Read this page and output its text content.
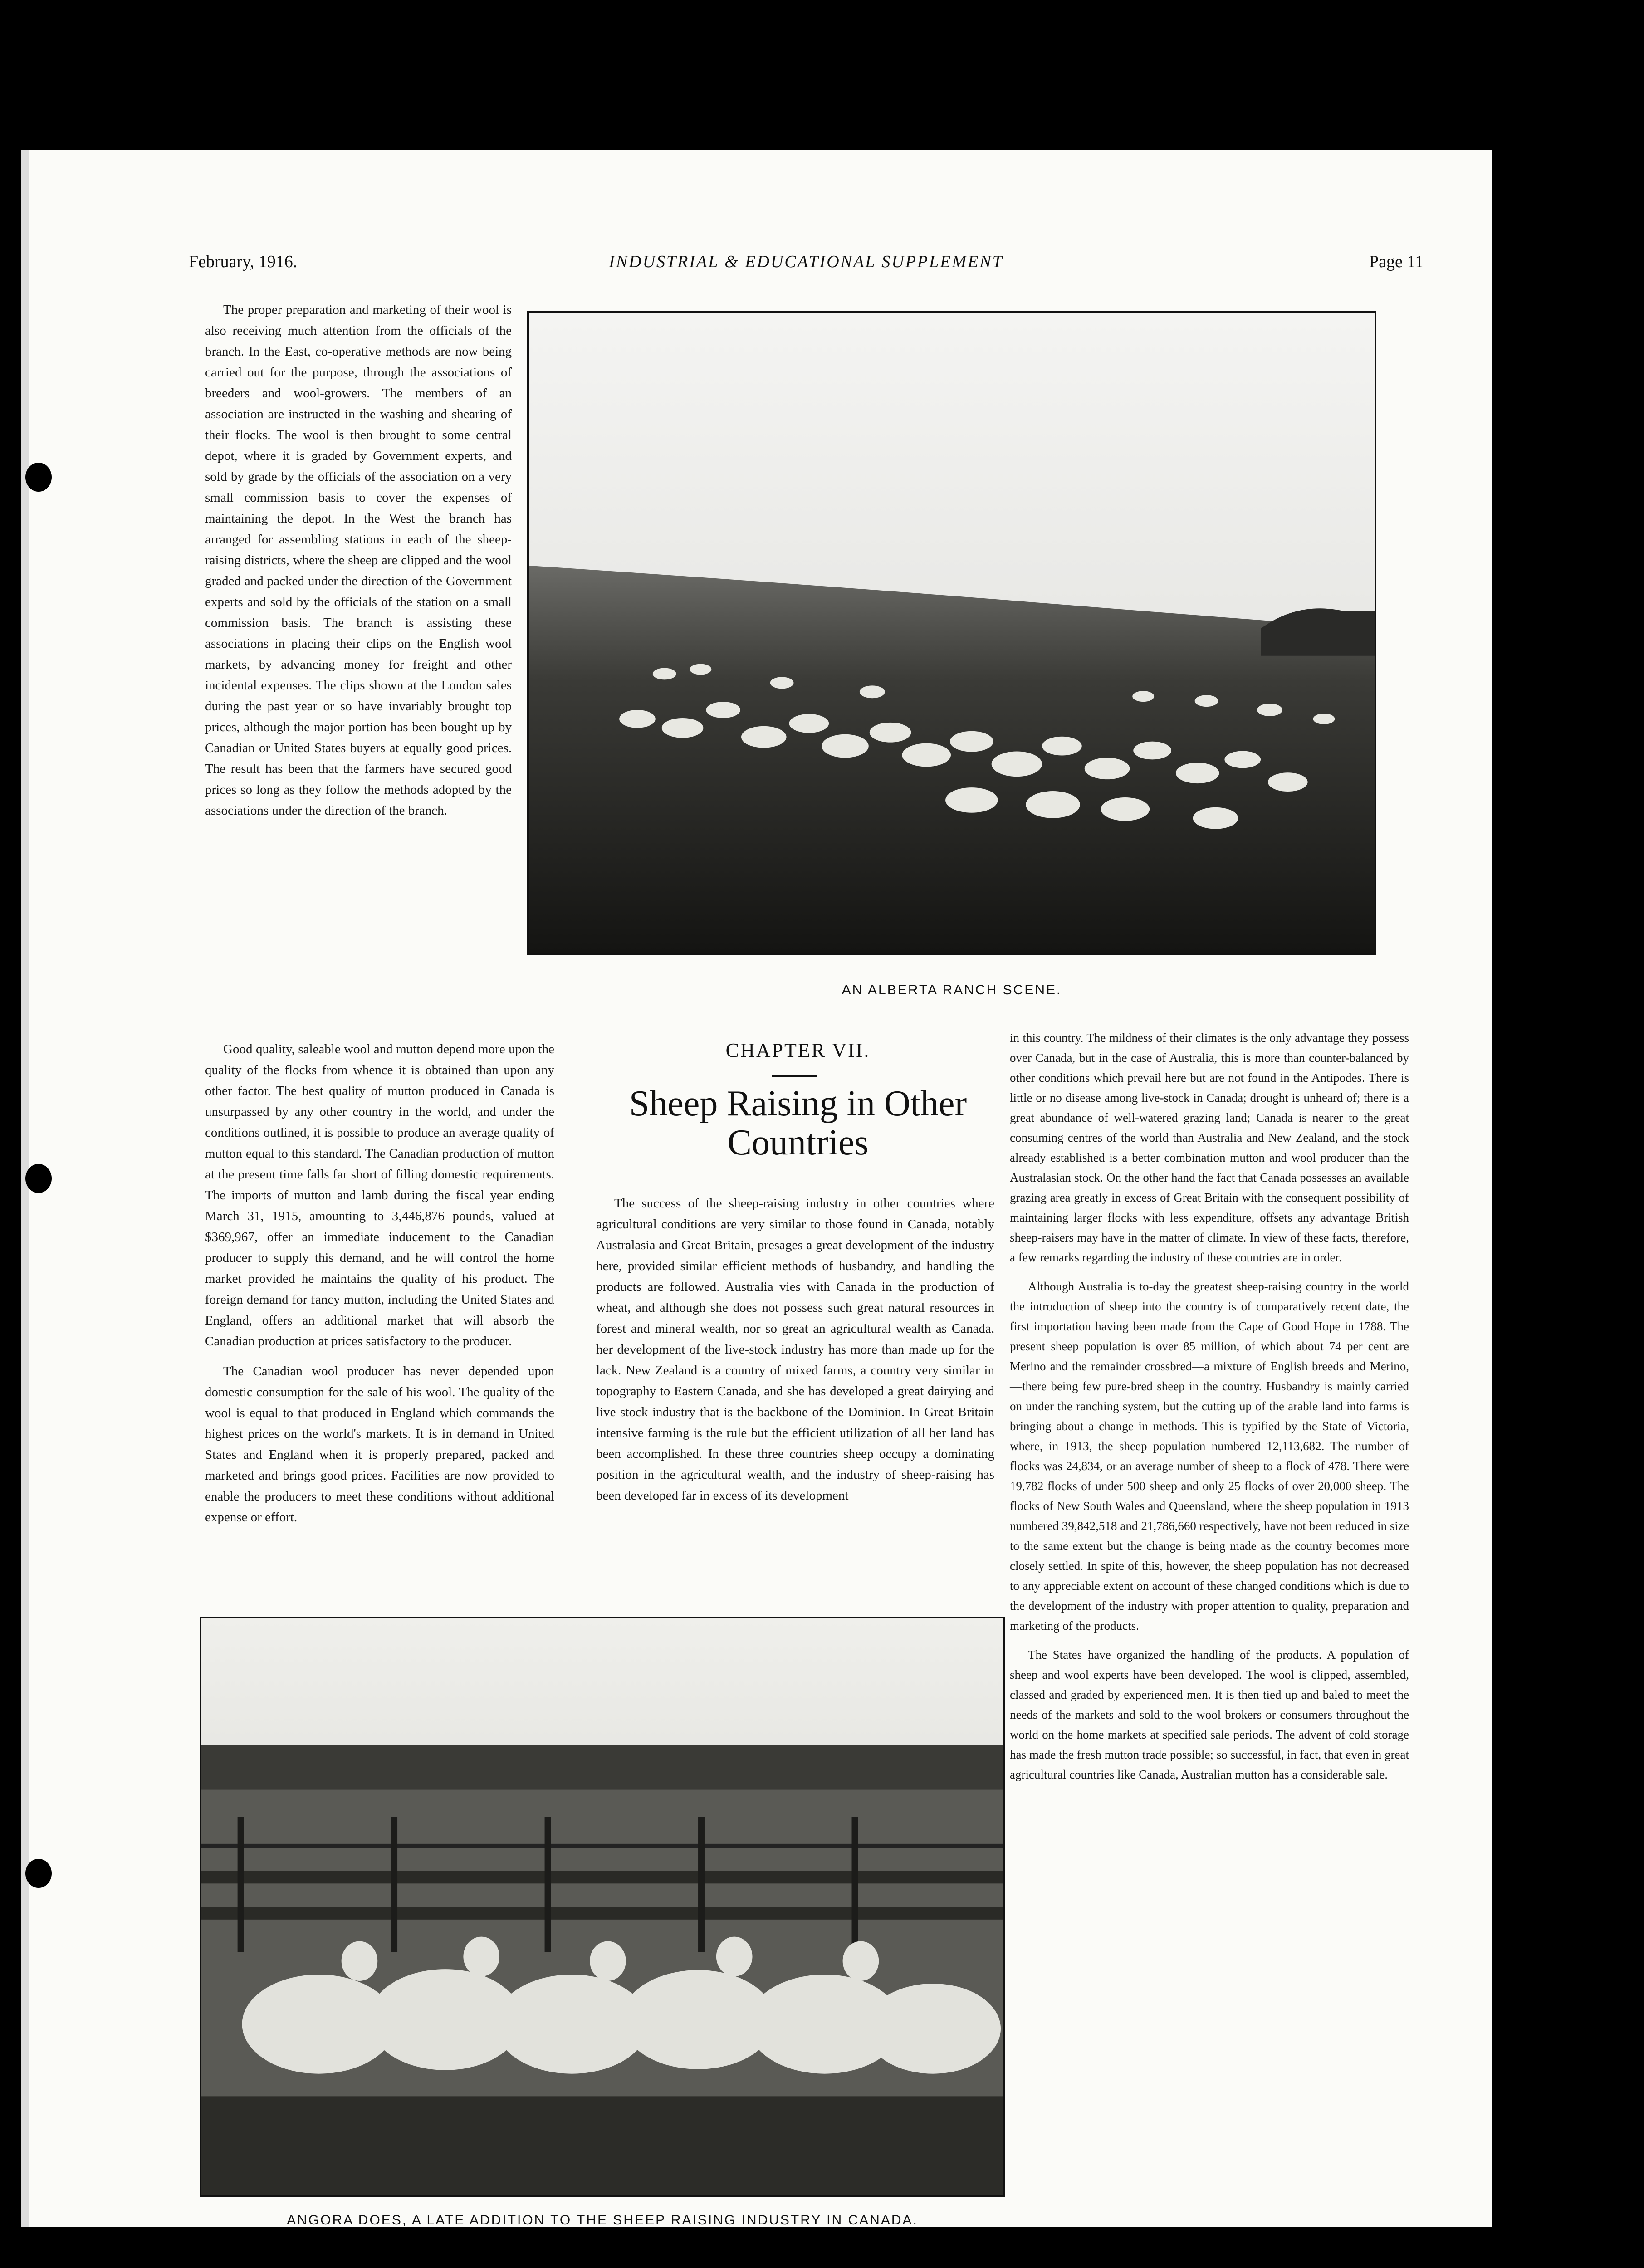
February, 1916.	INDUSTRIAL & EDUCATIONAL SUPPLEMENT	Page 11

The proper preparation and marketing of their wool is also receiving much attention from the officials of the branch. In the East, co-operative methods are now being carried out for the purpose, through the associations of breeders and wool-growers. The members of an association are instructed in the washing and shearing of their flocks. The wool is then brought to some central depot, where it is graded by Government experts, and sold by grade by the officials of the association on a very small commission basis to cover the expenses of maintaining the depot. In the West the branch has arranged for assembling stations in each of the sheep-raising districts, where the sheep are clipped and the wool graded and packed under the direction of the Government experts and sold by the officials of the station on a small commission basis. The branch is assisting these associations in placing their clips on the English wool markets, by advancing money for freight and other incidental expenses. The clips shown at the London sales during the past year or so have invariably brought top prices, although the major portion has been bought up by Canadian or United States buyers at equally good prices. The result has been that the farmers have secured good prices so long as they follow the methods adopted by the associations under the direction of the branch.

Good quality, saleable wool and mutton depend more upon the quality of the flocks from whence it is obtained than upon any other factor. The best quality of mutton produced in Canada is unsurpassed by any other country in the world, and under the conditions outlined, it is possible to produce an average quality of mutton equal to this standard. The Canadian production of mutton at the present time falls far short of filling domestic requirements. The imports of mutton and lamb during the fiscal year ending March 31, 1915, amounting to 3,446,876 pounds, valued at $369,967, offer an immediate inducement to the Canadian producer to supply this demand, and he will control the home market provided he maintains the quality of his product. The foreign demand for fancy mutton, including the United States and England, offers an additional market that will absorb the Canadian production at prices satisfactory to the producer.

The Canadian wool producer has never depended upon domestic consumption for the sale of his wool. The quality of the wool is equal to that produced in England which commands the highest prices on the world's markets. It is in demand in United States and England when it is properly prepared, packed and marketed and brings good prices. Facilities are now provided to enable the producers to meet these conditions without additional expense or effort.

AN ALBERTA RANCH SCENE.
CHAPTER VII.
Sheep Raising in Other Countries

The success of the sheep-raising industry in other countries where agricultural conditions are very similar to those found in Canada, notably Australasia and Great Britain, presages a great development of the industry here, provided similar efficient methods of husbandry, and handling the products are followed. Australia vies with Canada in the production of wheat, and although she does not possess such great natural resources in forest and mineral wealth, nor so great an agricultural wealth as Canada, her development of the live-stock industry has more than made up for the lack. New Zealand is a country of mixed farms, a country very similar in topography to Eastern Canada, and she has developed a great dairying and live stock industry that is the backbone of the Dominion. In Great Britain intensive farming is the rule but the efficient utilization of all her land has been accomplished. In these three countries sheep occupy a dominating position in the agricultural wealth, and the industry of sheep-raising has been developed far in excess of its development

in this country. The mildness of their climates is the only advantage they possess over Canada, but in the case of Australia, this is more than counter-balanced by other conditions which prevail here but are not found in the Antipodes. There is little or no disease among live-stock in Canada; drought is unheard of; there is a great abundance of well-watered grazing land; Canada is nearer to the great consuming centres of the world than Australia and New Zealand, and the stock already established is a better combination mutton and wool producer than the Australasian stock. On the other hand the fact that Canada possesses an available grazing area greatly in excess of Great Britain with the consequent possibility of maintaining larger flocks with less expenditure, offsets any advantage British sheep-raisers may have in the matter of climate. In view of these facts, therefore, a few remarks regarding the industry of these countries are in order.

Although Australia is to-day the greatest sheep-raising country in the world the introduction of sheep into the country is of comparatively recent date, the first importation having been made from the Cape of Good Hope in 1788. The present sheep population is over 85 million, of which about 74 per cent are Merino and the remainder crossbred—a mixture of English breeds and Merino,—there being few pure-bred sheep in the country. Husbandry is mainly carried on under the ranching system, but the cutting up of the arable land into farms is bringing about a change in methods. This is typified by the State of Victoria, where, in 1913, the sheep population numbered 12,113,682. The number of flocks was 24,834, or an average number of sheep to a flock of 478. There were 19,782 flocks of under 500 sheep and only 25 flocks of over 20,000 sheep. The flocks of New South Wales and Queensland, where the sheep population in 1913 numbered 39,842,518 and 21,786,660 respectively, have not been reduced in size to the same extent but the change is being made as the country becomes more closely settled. In spite of this, however, the sheep population has not decreased to any appreciable extent on account of these changed conditions which is due to the development of the industry with proper attention to quality, preparation and marketing of the products.

The States have organized the handling of the products. A population of sheep and wool experts have been developed. The wool is clipped, assembled, classed and graded by experienced men. It is then tied up and baled to meet the needs of the markets and sold to the wool brokers or consumers throughout the world on the home markets at specified sale periods. The advent of cold storage has made the fresh mutton trade possible; so successful, in fact, that even in great agricultural countries like Canada, Australian mutton has a considerable sale.

ANGORA DOES, A LATE ADDITION TO THE SHEEP RAISING INDUSTRY IN CANADA.
